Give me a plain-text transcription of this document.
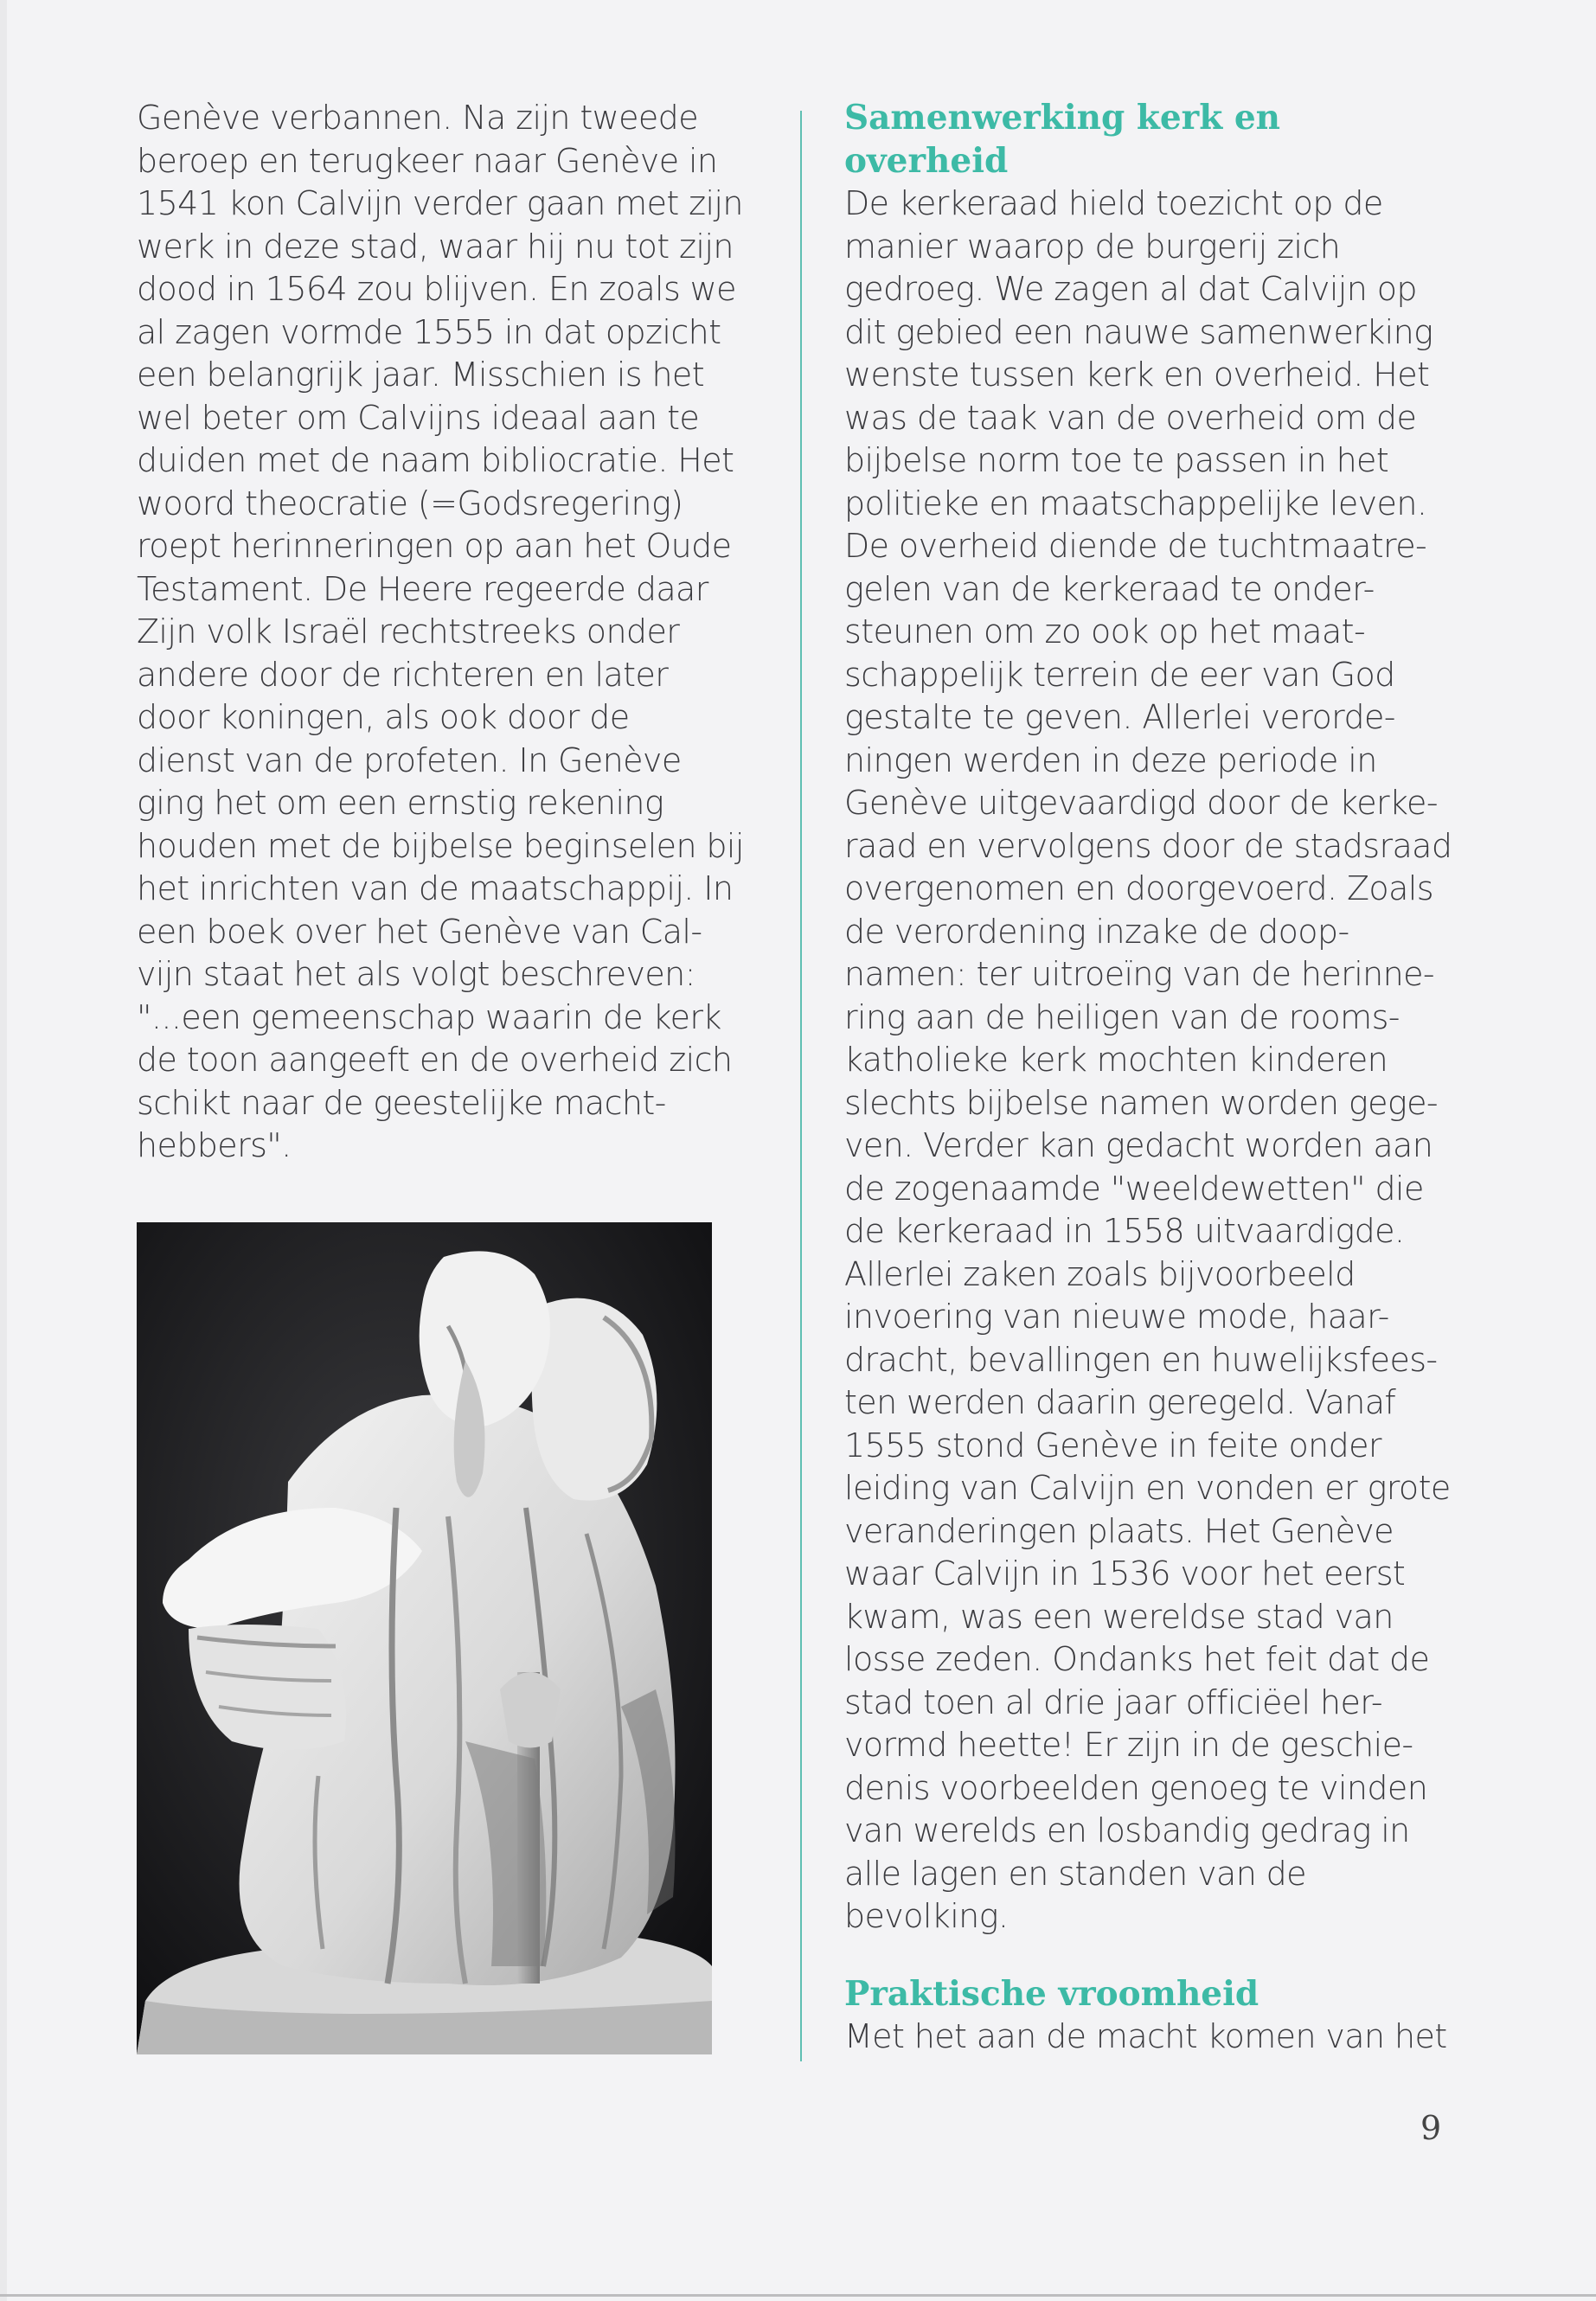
Genève verbannen. Na zijn tweede
beroep en terugkeer naar Genève in
1541 kon Calvijn verder gaan met zijn
werk in deze stad, waar hij nu tot zijn
dood in 1564 zou blijven. En zoals we
al zagen vormde 1555 in dat opzicht
een belangrijk jaar. Misschien is het
wel beter om Calvijns ideaal aan te
duiden met de naam bibliocratie. Het
woord theocratie (=Godsregering)
roept herinneringen op aan het Oude
Testament. De Heere regeerde daar
Zijn volk Israël rechtstreeks onder
andere door de richteren en later
door koningen, als ook door de
dienst van de profeten. In Genève
ging het om een ernstig rekening
houden met de bijbelse beginselen bij
het inrichten van de maatschappij. In
een boek over het Genève van Cal-
vijn staat het als volgt beschreven:
"...een gemeenschap waarin de kerk
de toon aangeeft en de overheid zich
schikt naar de geestelijke macht-
hebbers".

Samenwerking kerk en
overheid

De kerkeraad hield toezicht op de
manier waarop de burgerij zich
gedroeg. We zagen al dat Calvijn op
dit gebied een nauwe samenwerking
wenste tussen kerk en overheid. Het
was de taak van de overheid om de
bijbelse norm toe te passen in het
politieke en maatschappelijke leven.
De overheid diende de tuchtmaatre-
gelen van de kerkeraad te onder-
steunen om zo ook op het maat-
schappelijk terrein de eer van God
gestalte te geven. Allerlei verorde-
ningen werden in deze periode in
Genève uitgevaardigd door de kerke-
raad en vervolgens door de stadsraad
overgenomen en doorgevoerd. Zoals
de verordening inzake de doop-
namen: ter uitroeïng van de herinne-
ring aan de heiligen van de rooms-
katholieke kerk mochten kinderen
slechts bijbelse namen worden gege-
ven. Verder kan gedacht worden aan
de zogenaamde "weeldewetten" die
de kerkeraad in 1558 uitvaardigde.
Allerlei zaken zoals bijvoorbeeld
invoering van nieuwe mode, haar-
dracht, bevallingen en huwelijksfees-
ten werden daarin geregeld. Vanaf
1555 stond Genève in feite onder
leiding van Calvijn en vonden er grote
veranderingen plaats. Het Genève
waar Calvijn in 1536 voor het eerst
kwam, was een wereldse stad van
losse zeden. Ondanks het feit dat de
stad toen al drie jaar officiëel her-
vormd heette! Er zijn in de geschie-
denis voorbeelden genoeg te vinden
van werelds en losbandig gedrag in
alle lagen en standen van de
bevolking.

Praktische vroomheid

Met het aan de macht komen van het

9
